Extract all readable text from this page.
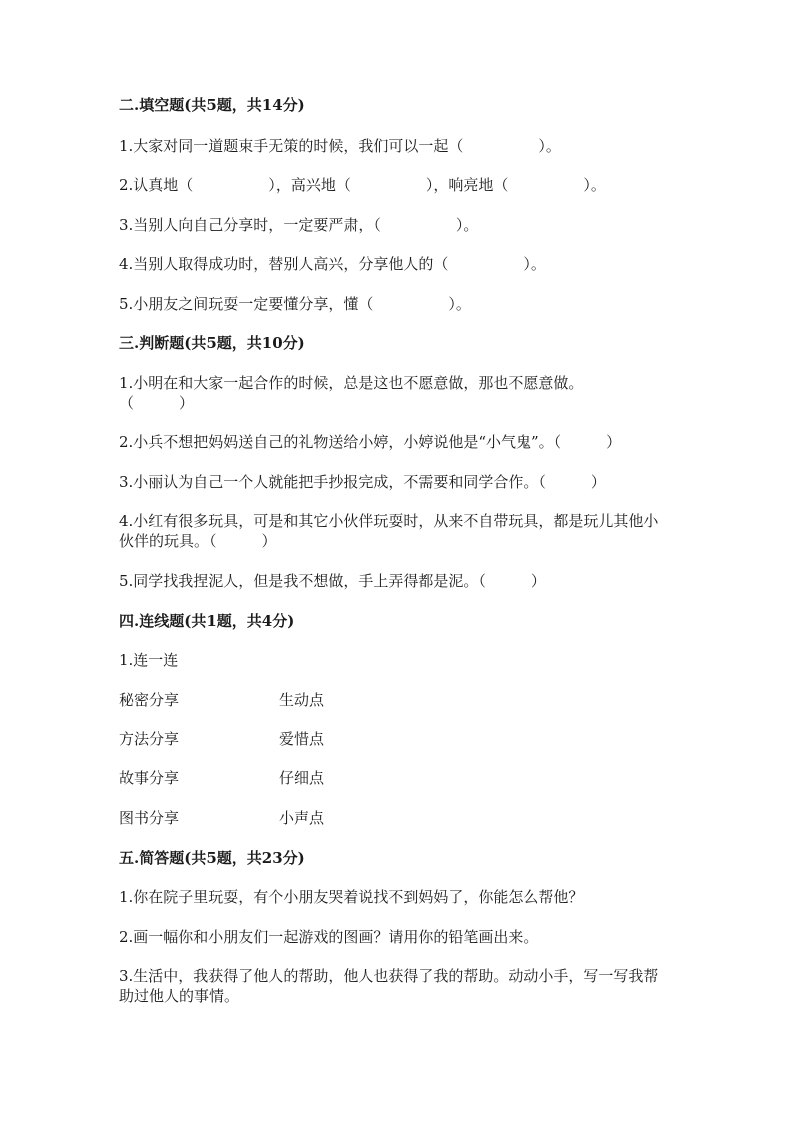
二.填空题(共5题，共14分)
1.大家对同一道题束手无策的时候，我们可以一起（　　　　　）。
2.认真地（　　　　　），高兴地（　　　　　），响亮地（　　　　　）。
3.当别人向自己分享时，一定要严肃，（　　　　　）。
4.当别人取得成功时，替别人高兴，分享他人的（　　　　　）。
5.小朋友之间玩耍一定要懂分享，懂（　　　　　）。
三.判断题(共5题，共10分)
1.小明在和大家一起合作的时候，总是这也不愿意做，那也不愿意做。（　　　）
2.小兵不想把妈妈送自己的礼物送给小婷，小婷说他是“小气鬼”。（　　　）
3.小丽认为自己一个人就能把手抄报完成，不需要和同学合作。（　　　）
4.小红有很多玩具，可是和其它小伙伴玩耍时，从来不自带玩具，都是玩儿其他小伙伴的玩具。（　　　）
5.同学找我捏泥人，但是我不想做，手上弄得都是泥。（　　　）
四.连线题(共1题，共4分)
1.连一连
秘密分享	生动点
方法分享	爱惜点
故事分享	仔细点
图书分享	小声点
五.简答题(共5题，共23分)
1.你在院子里玩耍，有个小朋友哭着说找不到妈妈了，你能怎么帮他？
2.画一幅你和小朋友们一起游戏的图画？请用你的铅笔画出来。
3.生活中，我获得了他人的帮助，他人也获得了我的帮助。动动小手，写一写我帮助过他人的事情。
